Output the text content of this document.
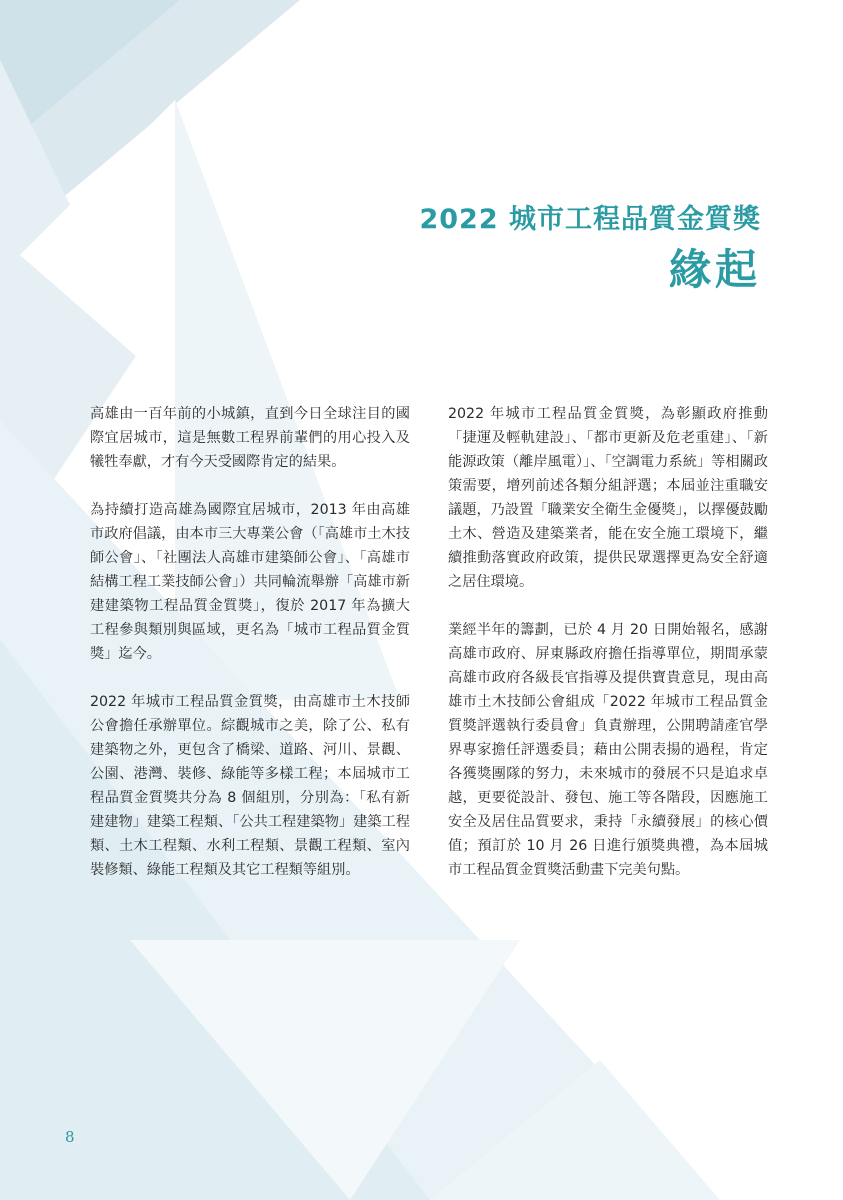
2022 城市工程品質金質獎
緣起

高雄由一百年前的小城鎮，直到今日全球注目的國際宜居城市，這是無數工程界前輩們的用心投入及犧牲奉獻，才有今天受國際肯定的結果。

為持續打造高雄為國際宜居城市，2013 年由高雄市政府倡議，由本市三大專業公會（「高雄市土木技師公會」、「社團法人高雄市建築師公會」、「高雄市結構工程工業技師公會」）共同輪流舉辦「高雄市新建建築物工程品質金質獎」，復於 2017 年為擴大工程參與類別與區域，更名為「城市工程品質金質獎」迄今。

2022 年城市工程品質金質獎，由高雄市土木技師公會擔任承辦單位。綜觀城市之美，除了公、私有建築物之外，更包含了橋梁、道路、河川、景觀、公園、港灣、裝修、綠能等多樣工程；本屆城市工程品質金質獎共分為 8 個組別，分別為：「私有新建建物」建築工程類、「公共工程建築物」建築工程類、土木工程類、水利工程類、景觀工程類、室內裝修類、綠能工程類及其它工程類等組別。

2022 年城市工程品質金質獎，為彰顯政府推動「捷運及輕軌建設」、「都市更新及危老重建」、「新能源政策（離岸風電）」、「空調電力系統」等相關政策需要，增列前述各類分組評選；本屆並注重職安議題，乃設置「職業安全衛生金優獎」，以擇優鼓勵土木、營造及建築業者，能在安全施工環境下，繼續推動落實政府政策，提供民眾選擇更為安全舒適之居住環境。

業經半年的籌劃，已於 4 月 20 日開始報名，感謝高雄市政府、屏東縣政府擔任指導單位，期間承蒙高雄市政府各級長官指導及提供寶貴意見，現由高雄市土木技師公會組成「2022 年城市工程品質金質獎評選執行委員會」負責辦理，公開聘請產官學界專家擔任評選委員；藉由公開表揚的過程，肯定各獲獎團隊的努力，未來城市的發展不只是追求卓越，更要從設計、發包、施工等各階段，因應施工安全及居住品質要求，秉持「永續發展」的核心價值；預訂於 10 月 26 日進行頒獎典禮，為本屆城市工程品質金質獎活動畫下完美句點。

8
